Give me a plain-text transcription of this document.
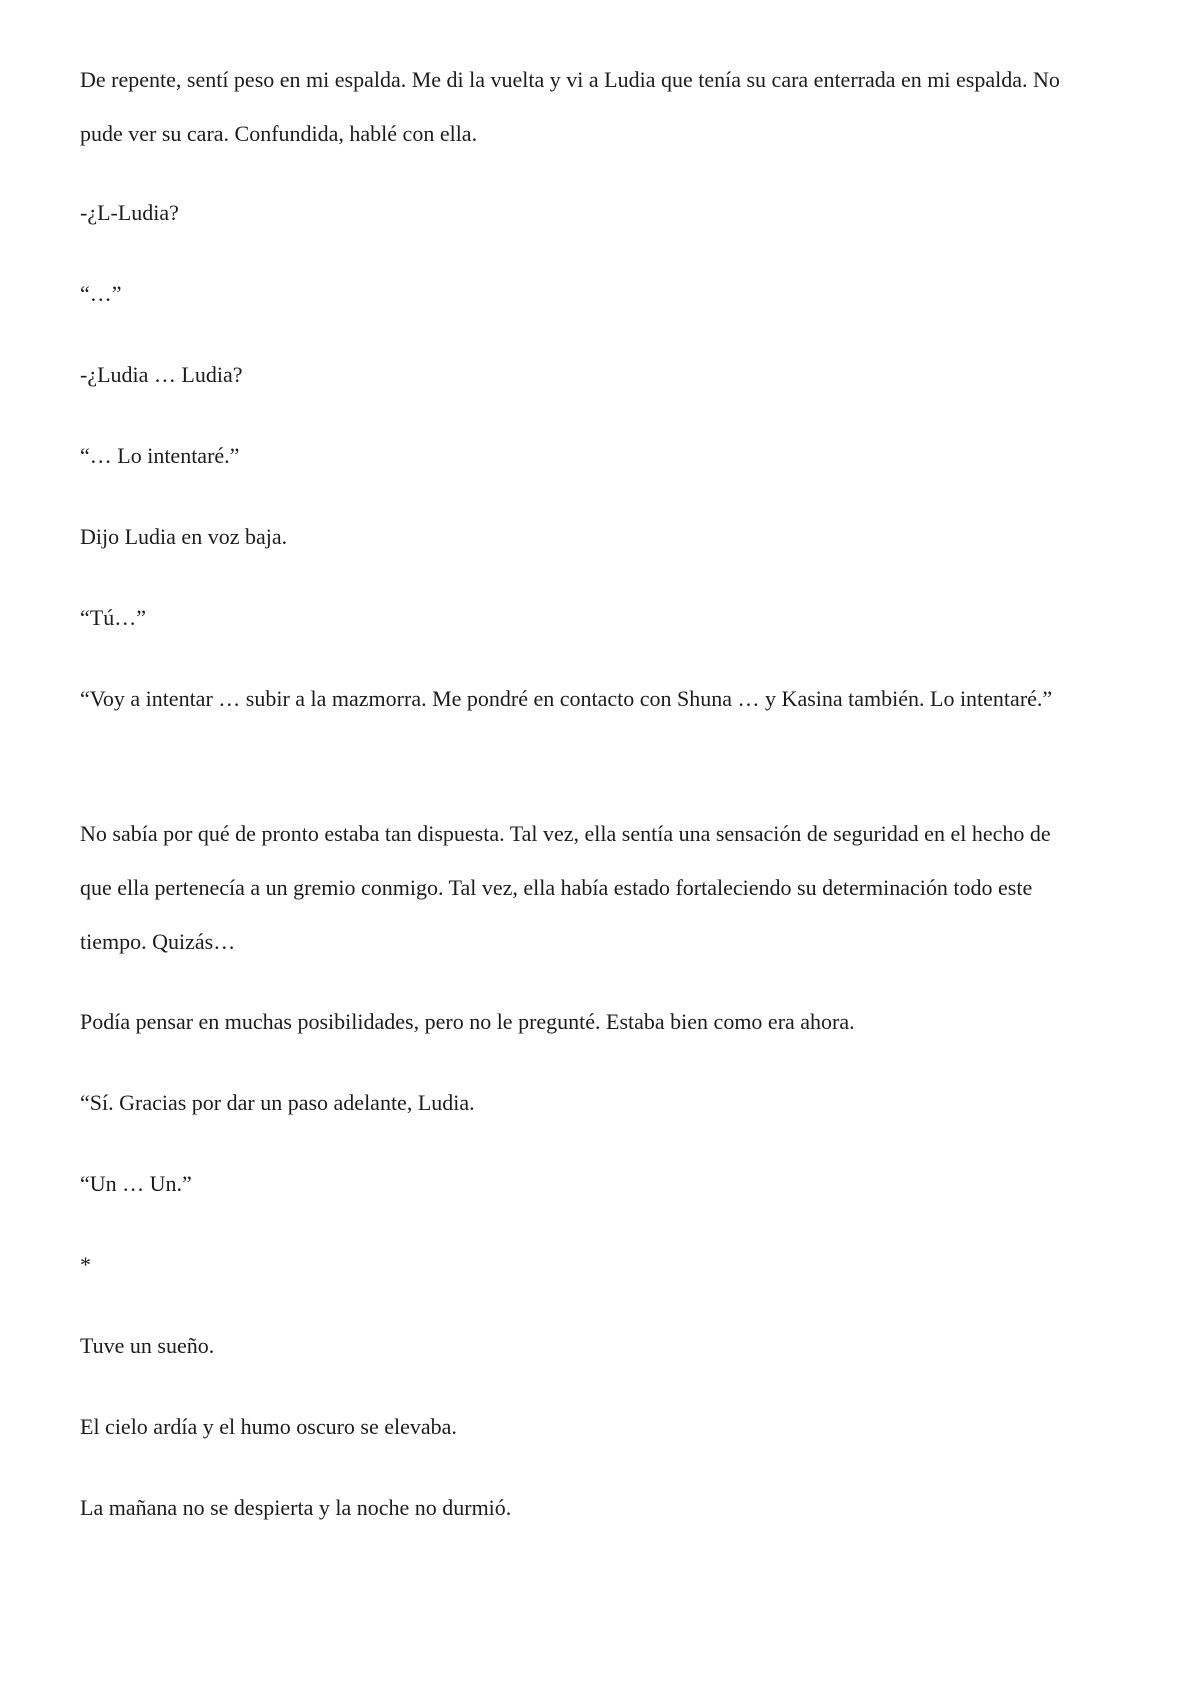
De repente, sentí peso en mi espalda. Me di la vuelta y vi a Ludia que tenía su cara enterrada en mi espalda. No pude ver su cara. Confundida, hablé con ella.

-¿L-Ludia?

“…”

-¿Ludia … Ludia?

“… Lo intentaré.”

Dijo Ludia en voz baja.

“Tú…”

“Voy a intentar … subir a la mazmorra. Me pondré en contacto con Shuna … y Kasina también. Lo intentaré.”

No sabía por qué de pronto estaba tan dispuesta. Tal vez, ella sentía una sensación de seguridad en el hecho de que ella pertenecía a un gremio conmigo. Tal vez, ella había estado fortaleciendo su determinación todo este tiempo. Quizás…

Podía pensar en muchas posibilidades, pero no le pregunté. Estaba bien como era ahora.

“Sí. Gracias por dar un paso adelante, Ludia.

“Un … Un.”

*

Tuve un sueño.

El cielo ardía y el humo oscuro se elevaba.

La mañana no se despierta y la noche no durmió.
